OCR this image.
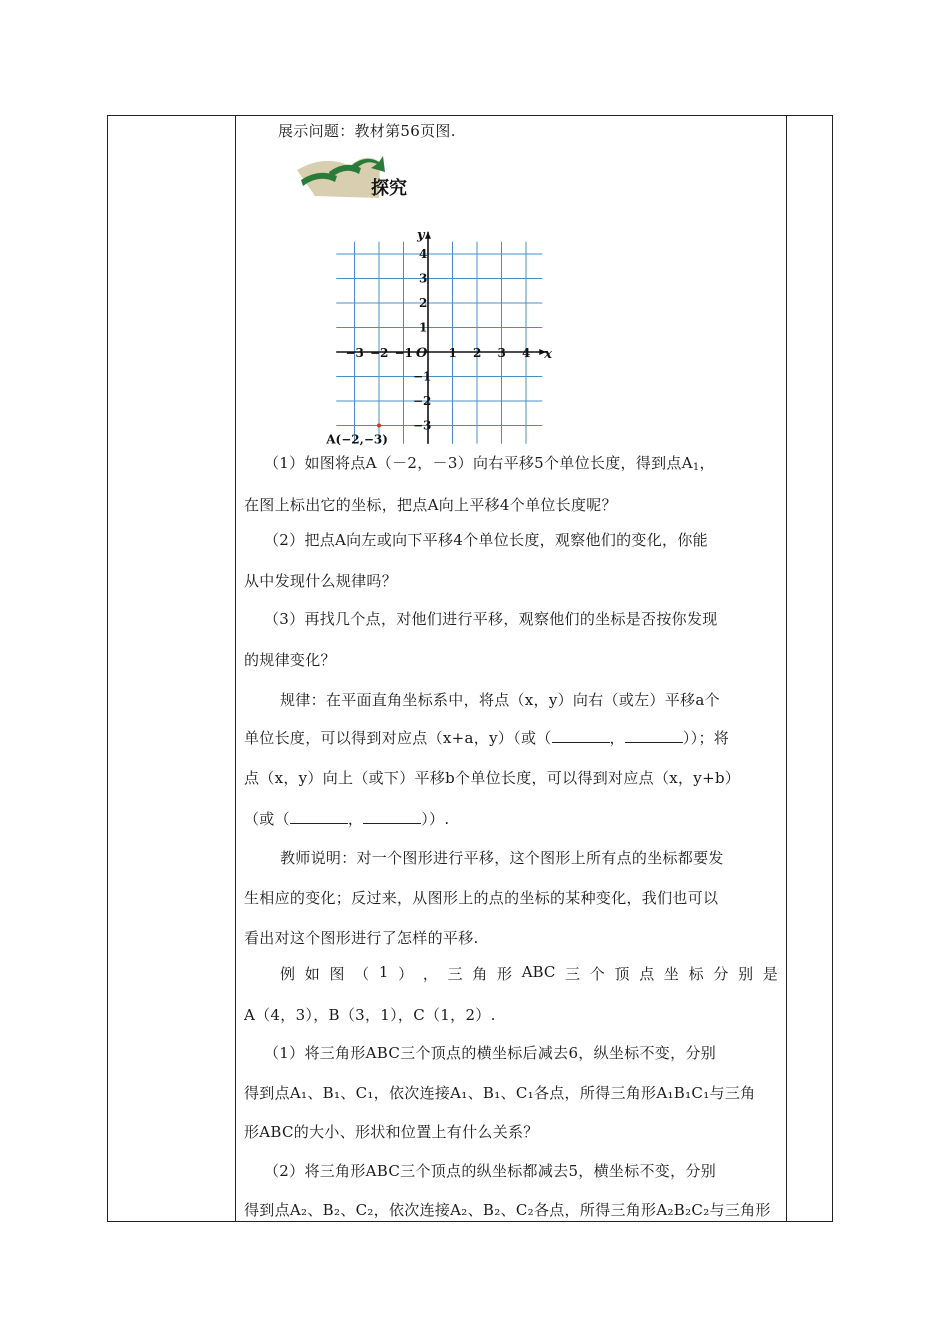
展示问题：教材第56页图.
（1）如图将点A（－2，－3）向右平移5个单位长度，得到点$A_1$，
在图上标出它的坐标，把点A向上平移4个单位长度呢？
（2）把点A向左或向下平移4个单位长度，观察他们的变化，你能
从中发现什么规律吗？
（3）再找几个点，对他们进行平移，观察他们的坐标是否按你发现
的规律变化？
规律：在平面直角坐标系中，将点（x，y）向右（或左）平移a个
单位长度，可以得到对应点（x+a，y）（或（	，	））；将
点（x，y）向上（或下）平移b个单位长度，可以得到对应点（x，y+b）
（或（	，	））.
教师说明：对一个图形进行平移，这个图形上所有点的坐标都要发
生相应的变化；反过来，从图形上的点的坐标的某种变化，我们也可以
看出对这个图形进行了怎样的平移.
例 如 图 （ 1 ） ， 三 角 形 ABC 三 个 顶 点 坐 标 分 别 是
A（4，3），B（3，1），C（1，2）.
（1）将三角形ABC三个顶点的横坐标后减去6，纵坐标不变，分别
得到点A₁、B₁、C₁，依次连接A₁、B₁、C₁各点，所得三角形A₁B₁C₁与三角
形ABC的大小、形状和位置上有什么关系？
（2）将三角形ABC三个顶点的纵坐标都减去5，横坐标不变，分别
得到点A₂、B₂、C₂，依次连接A₂、B₂、C₂各点，所得三角形A₂B₂C₂与三角形
探究
−3 −2 −1	1 2 3 4
4
3
2
1
−1
−2
−3
O	x
y
A(−2,−3)
